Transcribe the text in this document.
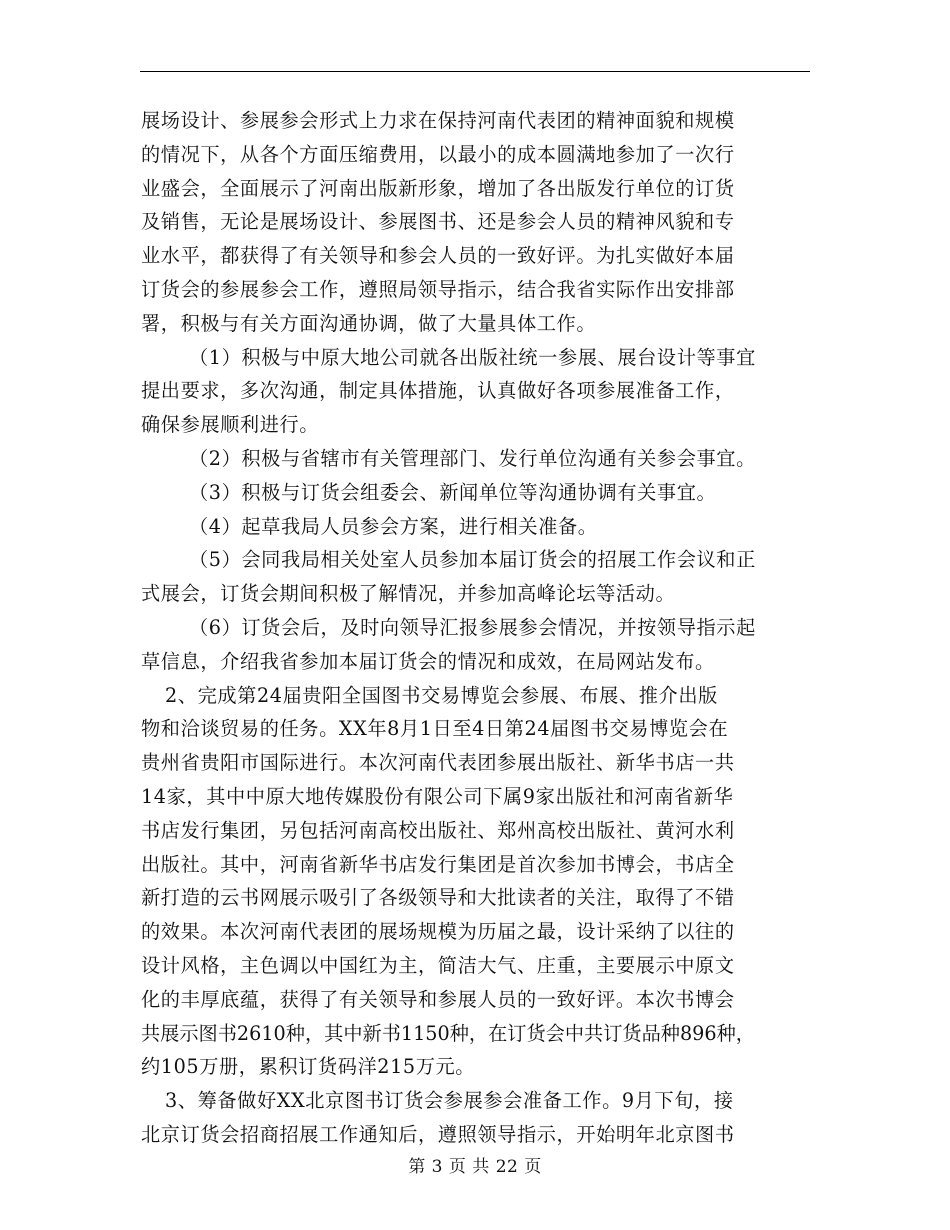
展场设计、参展参会形式上力求在保持河南代表团的精神面貌和规模
的情况下，从各个方面压缩费用，以最小的成本圆满地参加了一次行
业盛会，全面展示了河南出版新形象，增加了各出版发行单位的订货
及销售，无论是展场设计、参展图书、还是参会人员的精神风貌和专
业水平，都获得了有关领导和参会人员的一致好评。为扎实做好本届
订货会的参展参会工作，遵照局领导指示，结合我省实际作出安排部
署，积极与有关方面沟通协调，做了大量具体工作。
（1）积极与中原大地公司就各出版社统一参展、展台设计等事宜
提出要求，多次沟通，制定具体措施，认真做好各项参展准备工作，
确保参展顺利进行。
（2）积极与省辖市有关管理部门、发行单位沟通有关参会事宜。
（3）积极与订货会组委会、新闻单位等沟通协调有关事宜。
（4）起草我局人员参会方案，进行相关准备。
（5）会同我局相关处室人员参加本届订货会的招展工作会议和正
式展会，订货会期间积极了解情况，并参加高峰论坛等活动。
（6）订货会后，及时向领导汇报参展参会情况，并按领导指示起
草信息，介绍我省参加本届订货会的情况和成效，在局网站发布。
2、完成第24届贵阳全国图书交易博览会参展、布展、推介出版
物和洽谈贸易的任务。XX年8月1日至4日第24届图书交易博览会在
贵州省贵阳市国际进行。本次河南代表团参展出版社、新华书店一共
14家，其中中原大地传媒股份有限公司下属9家出版社和河南省新华
书店发行集团，另包括河南高校出版社、郑州高校出版社、黄河水利
出版社。其中，河南省新华书店发行集团是首次参加书博会，书店全
新打造的云书网展示吸引了各级领导和大批读者的关注，取得了不错
的效果。本次河南代表团的展场规模为历届之最，设计采纳了以往的
设计风格，主色调以中国红为主，简洁大气、庄重，主要展示中原文
化的丰厚底蕴，获得了有关领导和参展人员的一致好评。本次书博会
共展示图书2610种，其中新书1150种，在订货会中共订货品种896种，
约105万册，累积订货码洋215万元。
3、筹备做好XX北京图书订货会参展参会准备工作。9月下旬，接
北京订货会招商招展工作通知后，遵照领导指示，开始明年北京图书
第 3 页 共 22 页
